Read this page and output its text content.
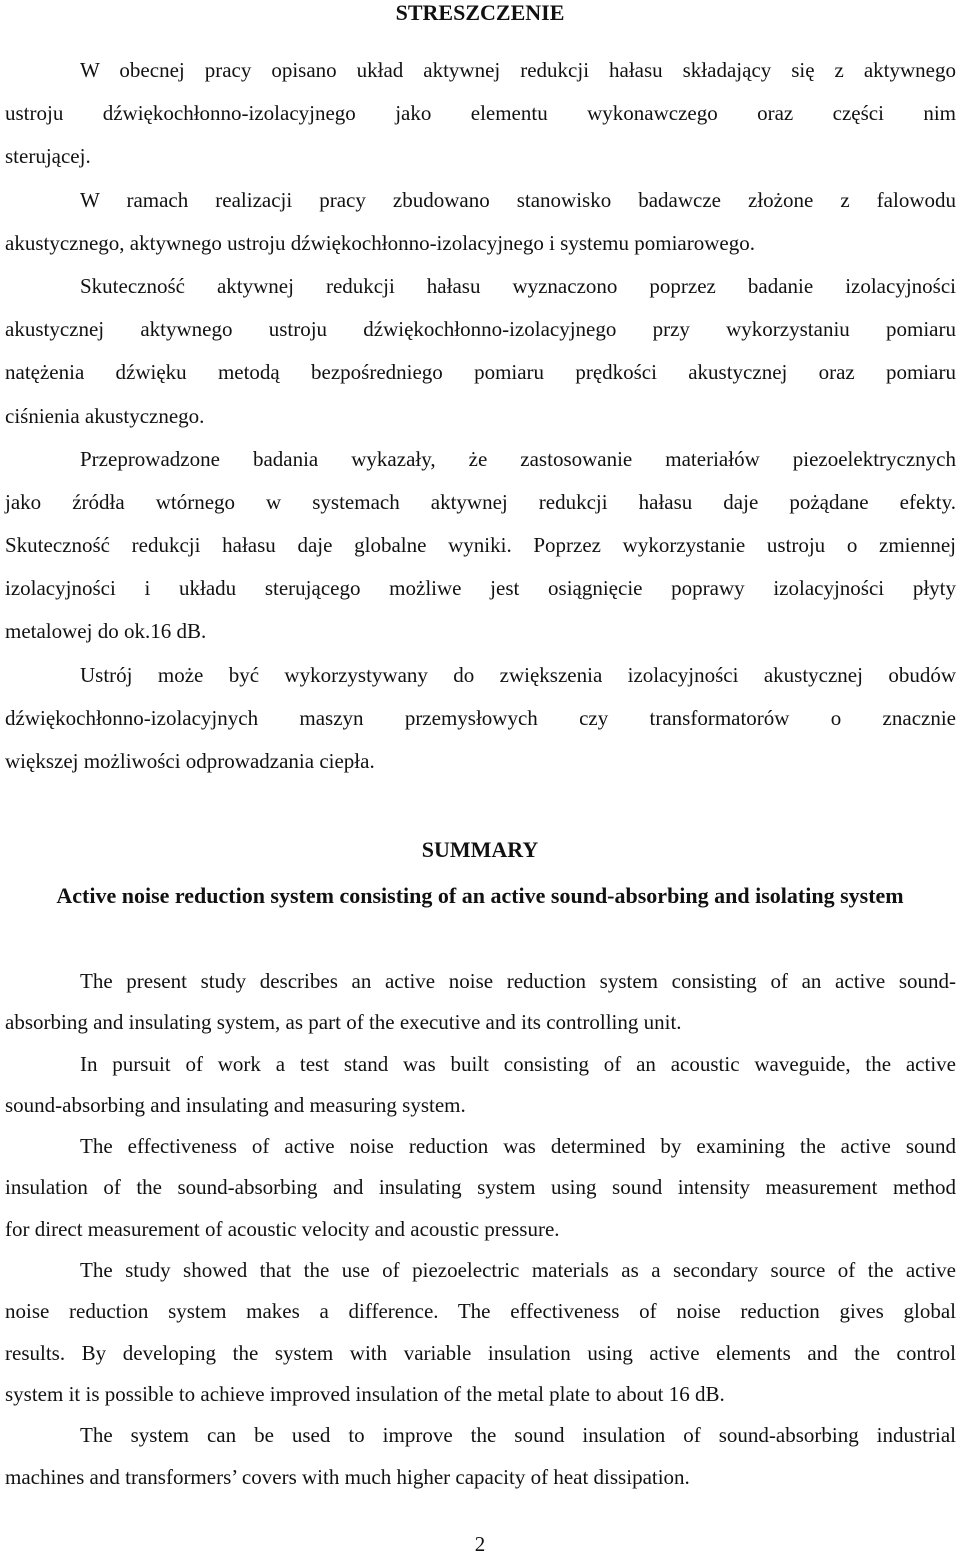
STRESZCZENIE
W obecnej pracy opisano układ aktywnej redukcji hałasu składający się z aktywnego
ustroju dźwiękochłonno-izolacyjnego jako elementu wykonawczego oraz części nim
sterującej.
W ramach realizacji pracy zbudowano stanowisko badawcze złożone z falowodu
akustycznego, aktywnego ustroju dźwiękochłonno-izolacyjnego i systemu pomiarowego.
Skuteczność aktywnej redukcji hałasu wyznaczono poprzez badanie izolacyjności
akustycznej aktywnego ustroju dźwiękochłonno-izolacyjnego przy wykorzystaniu pomiaru
natężenia dźwięku metodą bezpośredniego pomiaru prędkości akustycznej oraz pomiaru
ciśnienia akustycznego.
Przeprowadzone badania wykazały, że zastosowanie materiałów piezoelektrycznych
jako źródła wtórnego w systemach aktywnej redukcji hałasu daje pożądane efekty.
Skuteczność redukcji hałasu daje globalne wyniki. Poprzez wykorzystanie ustroju o zmiennej
izolacyjności i układu sterującego możliwe jest osiągnięcie poprawy izolacyjności płyty
metalowej do ok.16 dB.
Ustrój może być wykorzystywany do zwiększenia izolacyjności akustycznej obudów
dźwiękochłonno-izolacyjnych maszyn przemysłowych czy transformatorów o znacznie
większej możliwości odprowadzania ciepła.
SUMMARY
Active noise reduction system consisting of an active sound-absorbing and isolating system
The present study describes an active noise reduction system consisting of an active sound-
absorbing and insulating system, as part of the executive and its controlling unit.
In pursuit of work a test stand was built consisting of an acoustic waveguide, the active
sound-absorbing and insulating and measuring system.
The effectiveness of active noise reduction was determined by examining the active sound
insulation of the sound-absorbing and insulating system using sound intensity measurement method
for direct measurement of acoustic velocity and acoustic pressure.
The study showed that the use of piezoelectric materials as a secondary source of the active
noise reduction system makes a difference. The effectiveness of noise reduction gives global
results. By developing the system with variable insulation using active elements and the control
system it is possible to achieve improved insulation of the metal plate to about 16 dB.
The system can be used to improve the sound insulation of sound-absorbing industrial
machines and transformers’ covers with much higher capacity of heat dissipation.
2
